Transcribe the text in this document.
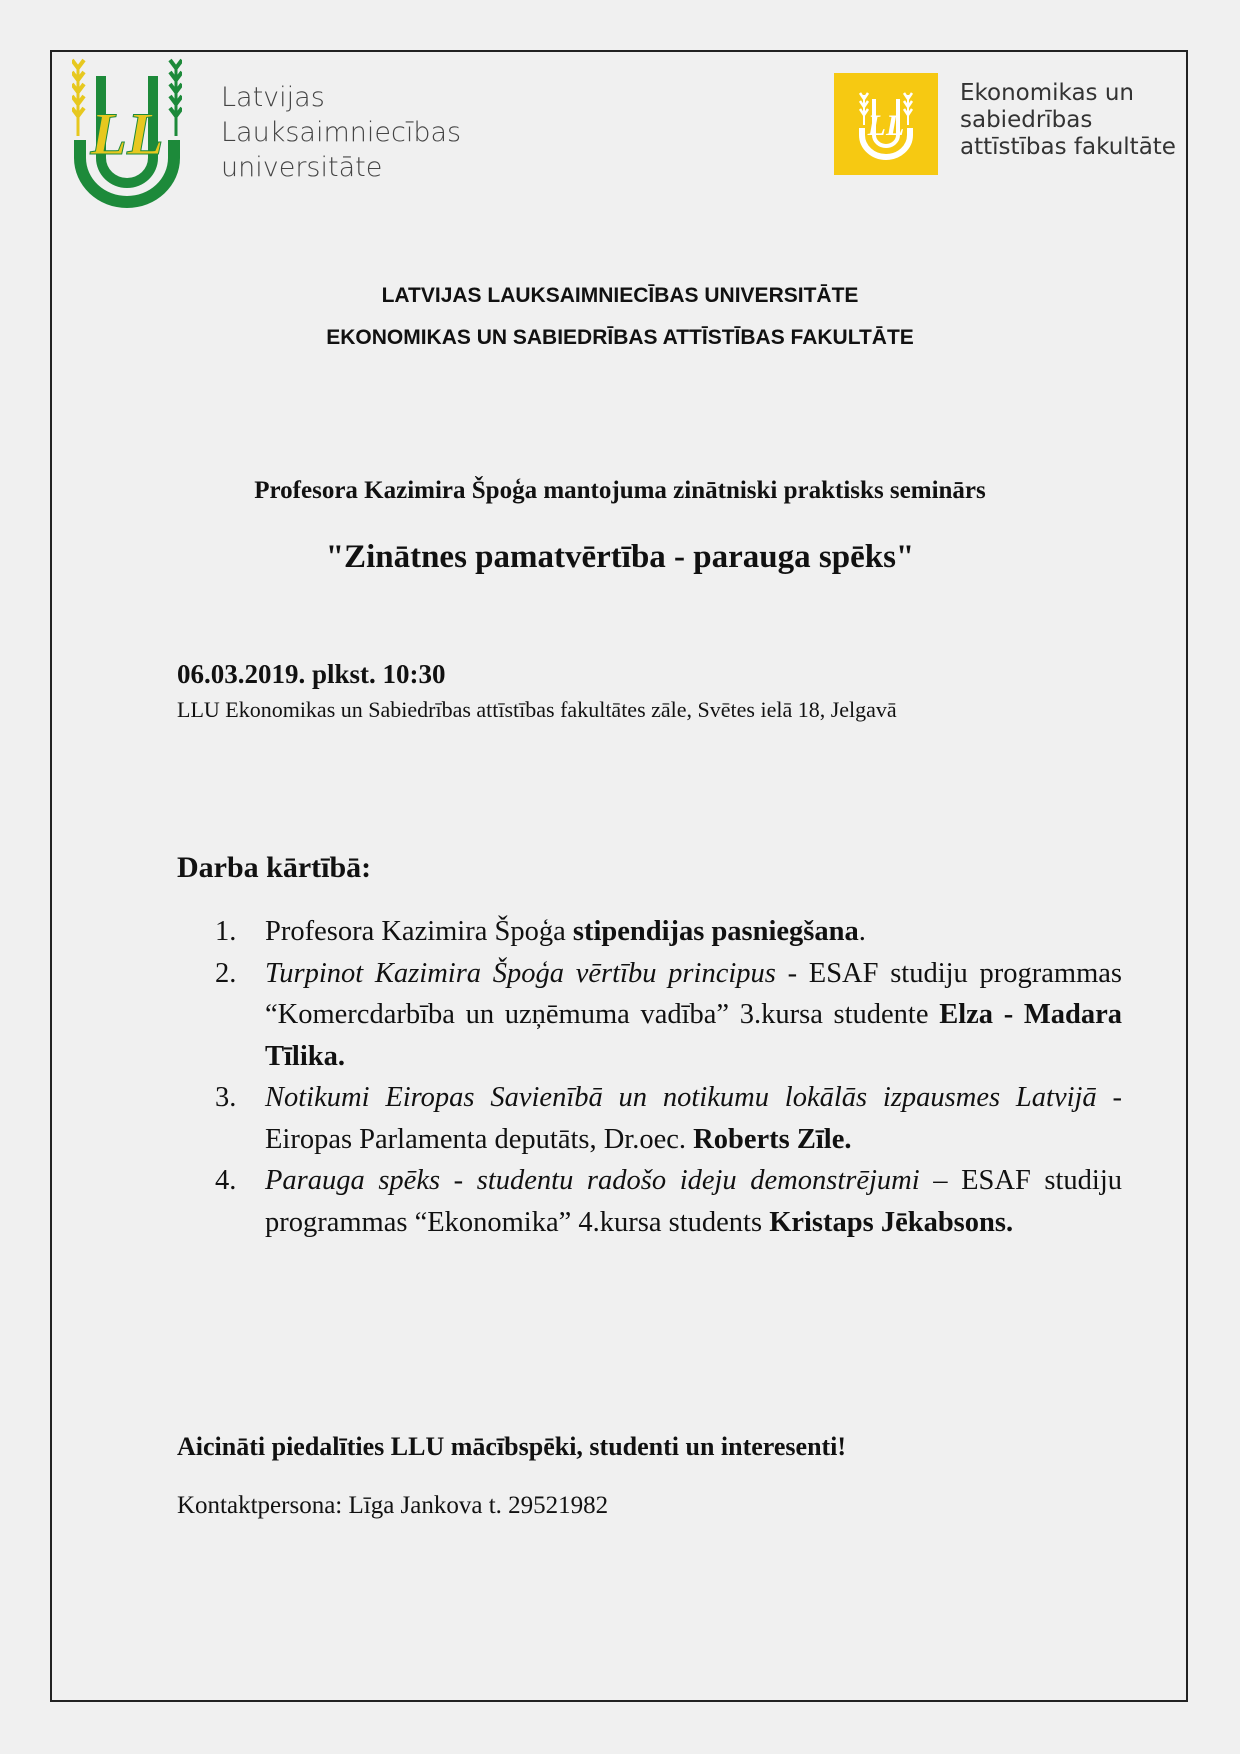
LL
Latvijas
Lauksaimniecības
universitāte
LL
Ekonomikas un
sabiedrības
attīstības fakultāte
LATVIJAS LAUKSAIMNIECĪBAS UNIVERSITĀTE
EKONOMIKAS UN SABIEDRĪBAS ATTĪSTĪBAS FAKULTĀTE
Profesora Kazimira Špoģa mantojuma zinātniski praktisks seminārs
"Zinātnes pamatvērtība - parauga spēks"
06.03.2019. plkst. 10:30
LLU Ekonomikas un Sabiedrības attīstības fakultātes zāle, Svētes ielā 18, Jelgavā
Darba kārtībā:
1. Profesora Kazimira Špoģa stipendijas pasniegšana.
2. Turpinot Kazimira Špoģa vērtību principus - ESAF studiju programmas “Komercdarbība un uzņēmuma vadība” 3.kursa studente Elza - Madara Tīlika.
3. Notikumi Eiropas Savienībā un notikumu lokālās izpausmes Latvijā - Eiropas Parlamenta deputāts, Dr.oec. Roberts Zīle.
4. Parauga spēks - studentu radošo ideju demonstrējumi – ESAF studiju programmas “Ekonomika” 4.kursa students Kristaps Jēkabsons.
Aicināti piedalīties LLU mācībspēki, studenti un interesenti!
Kontaktpersona: Līga Jankova t. 29521982
